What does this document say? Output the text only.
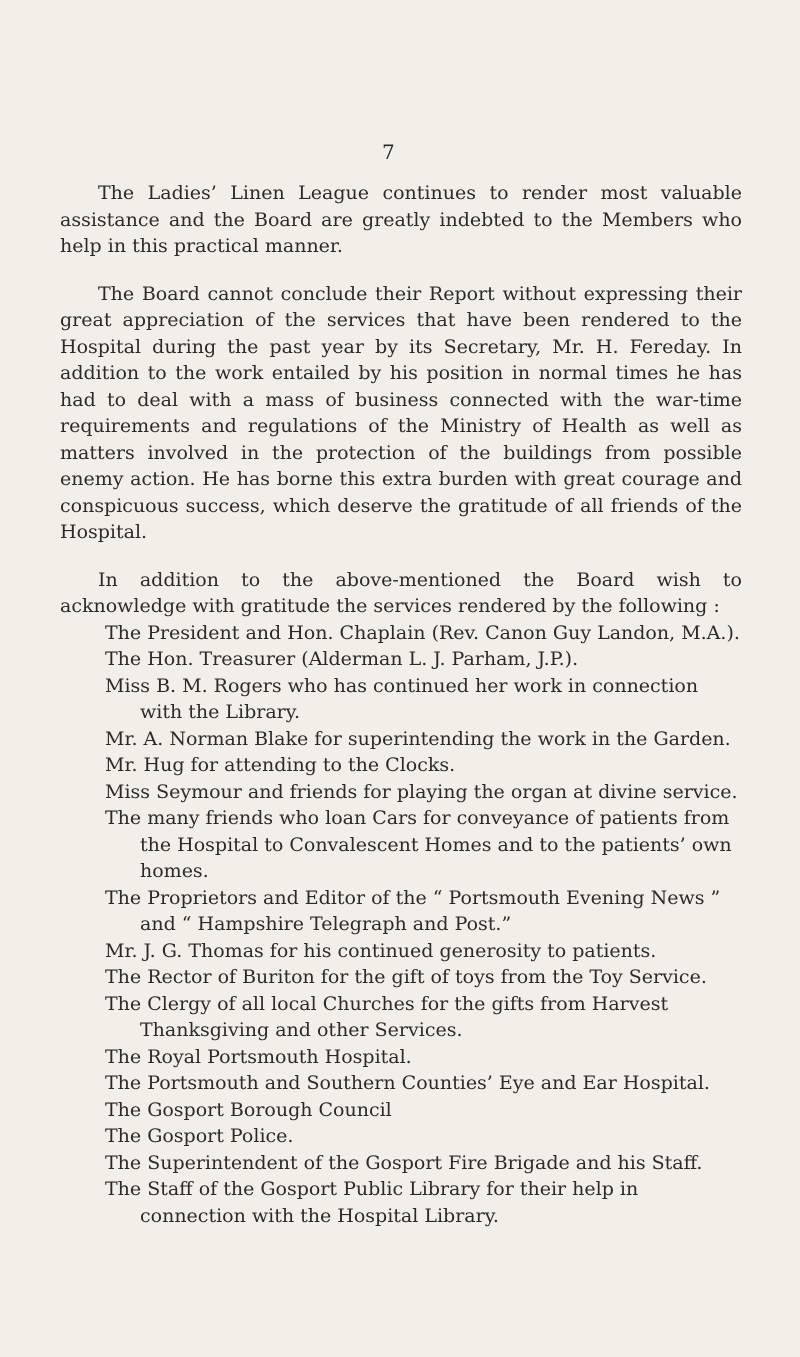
7

The Ladies’ Linen League continues to render most valuable assistance and the Board are greatly indebted to the Members who help in this practical manner.

The Board cannot conclude their Report without expressing their great appreciation of the services that have been rendered to the Hospital during the past year by its Secretary, Mr. H. Fereday. In addition to the work entailed by his position in normal times he has had to deal with a mass of business connected with the war-time requirements and regulations of the Ministry of Health as well as matters involved in the protection of the buildings from possible enemy action. He has borne this extra burden with great courage and conspicuous success, which deserve the gratitude of all friends of the Hospital.

In addition to the above-mentioned the Board wish to acknowledge with gratitude the services rendered by the following :

The President and Hon. Chaplain (Rev. Canon Guy Landon, M.A.).
The Hon. Treasurer (Alderman L. J. Parham, J.P.).
Miss B. M. Rogers who has continued her work in connection with the Library.
Mr. A. Norman Blake for superintending the work in the Garden.
Mr. Hug for attending to the Clocks.
Miss Seymour and friends for playing the organ at divine service.
The many friends who loan Cars for conveyance of patients from the Hospital to Convalescent Homes and to the patients’ own homes.
The Proprietors and Editor of the “ Portsmouth Evening News ” and “ Hampshire Telegraph and Post.”
Mr. J. G. Thomas for his continued generosity to patients.
The Rector of Buriton for the gift of toys from the Toy Service.
The Clergy of all local Churches for the gifts from Harvest Thanksgiving and other Services.
The Royal Portsmouth Hospital.
The Portsmouth and Southern Counties’ Eye and Ear Hospital.
The Gosport Borough Council
The Gosport Police.
The Superintendent of the Gosport Fire Brigade and his Staff.
The Staff of the Gosport Public Library for their help in connection with the Hospital Library.
